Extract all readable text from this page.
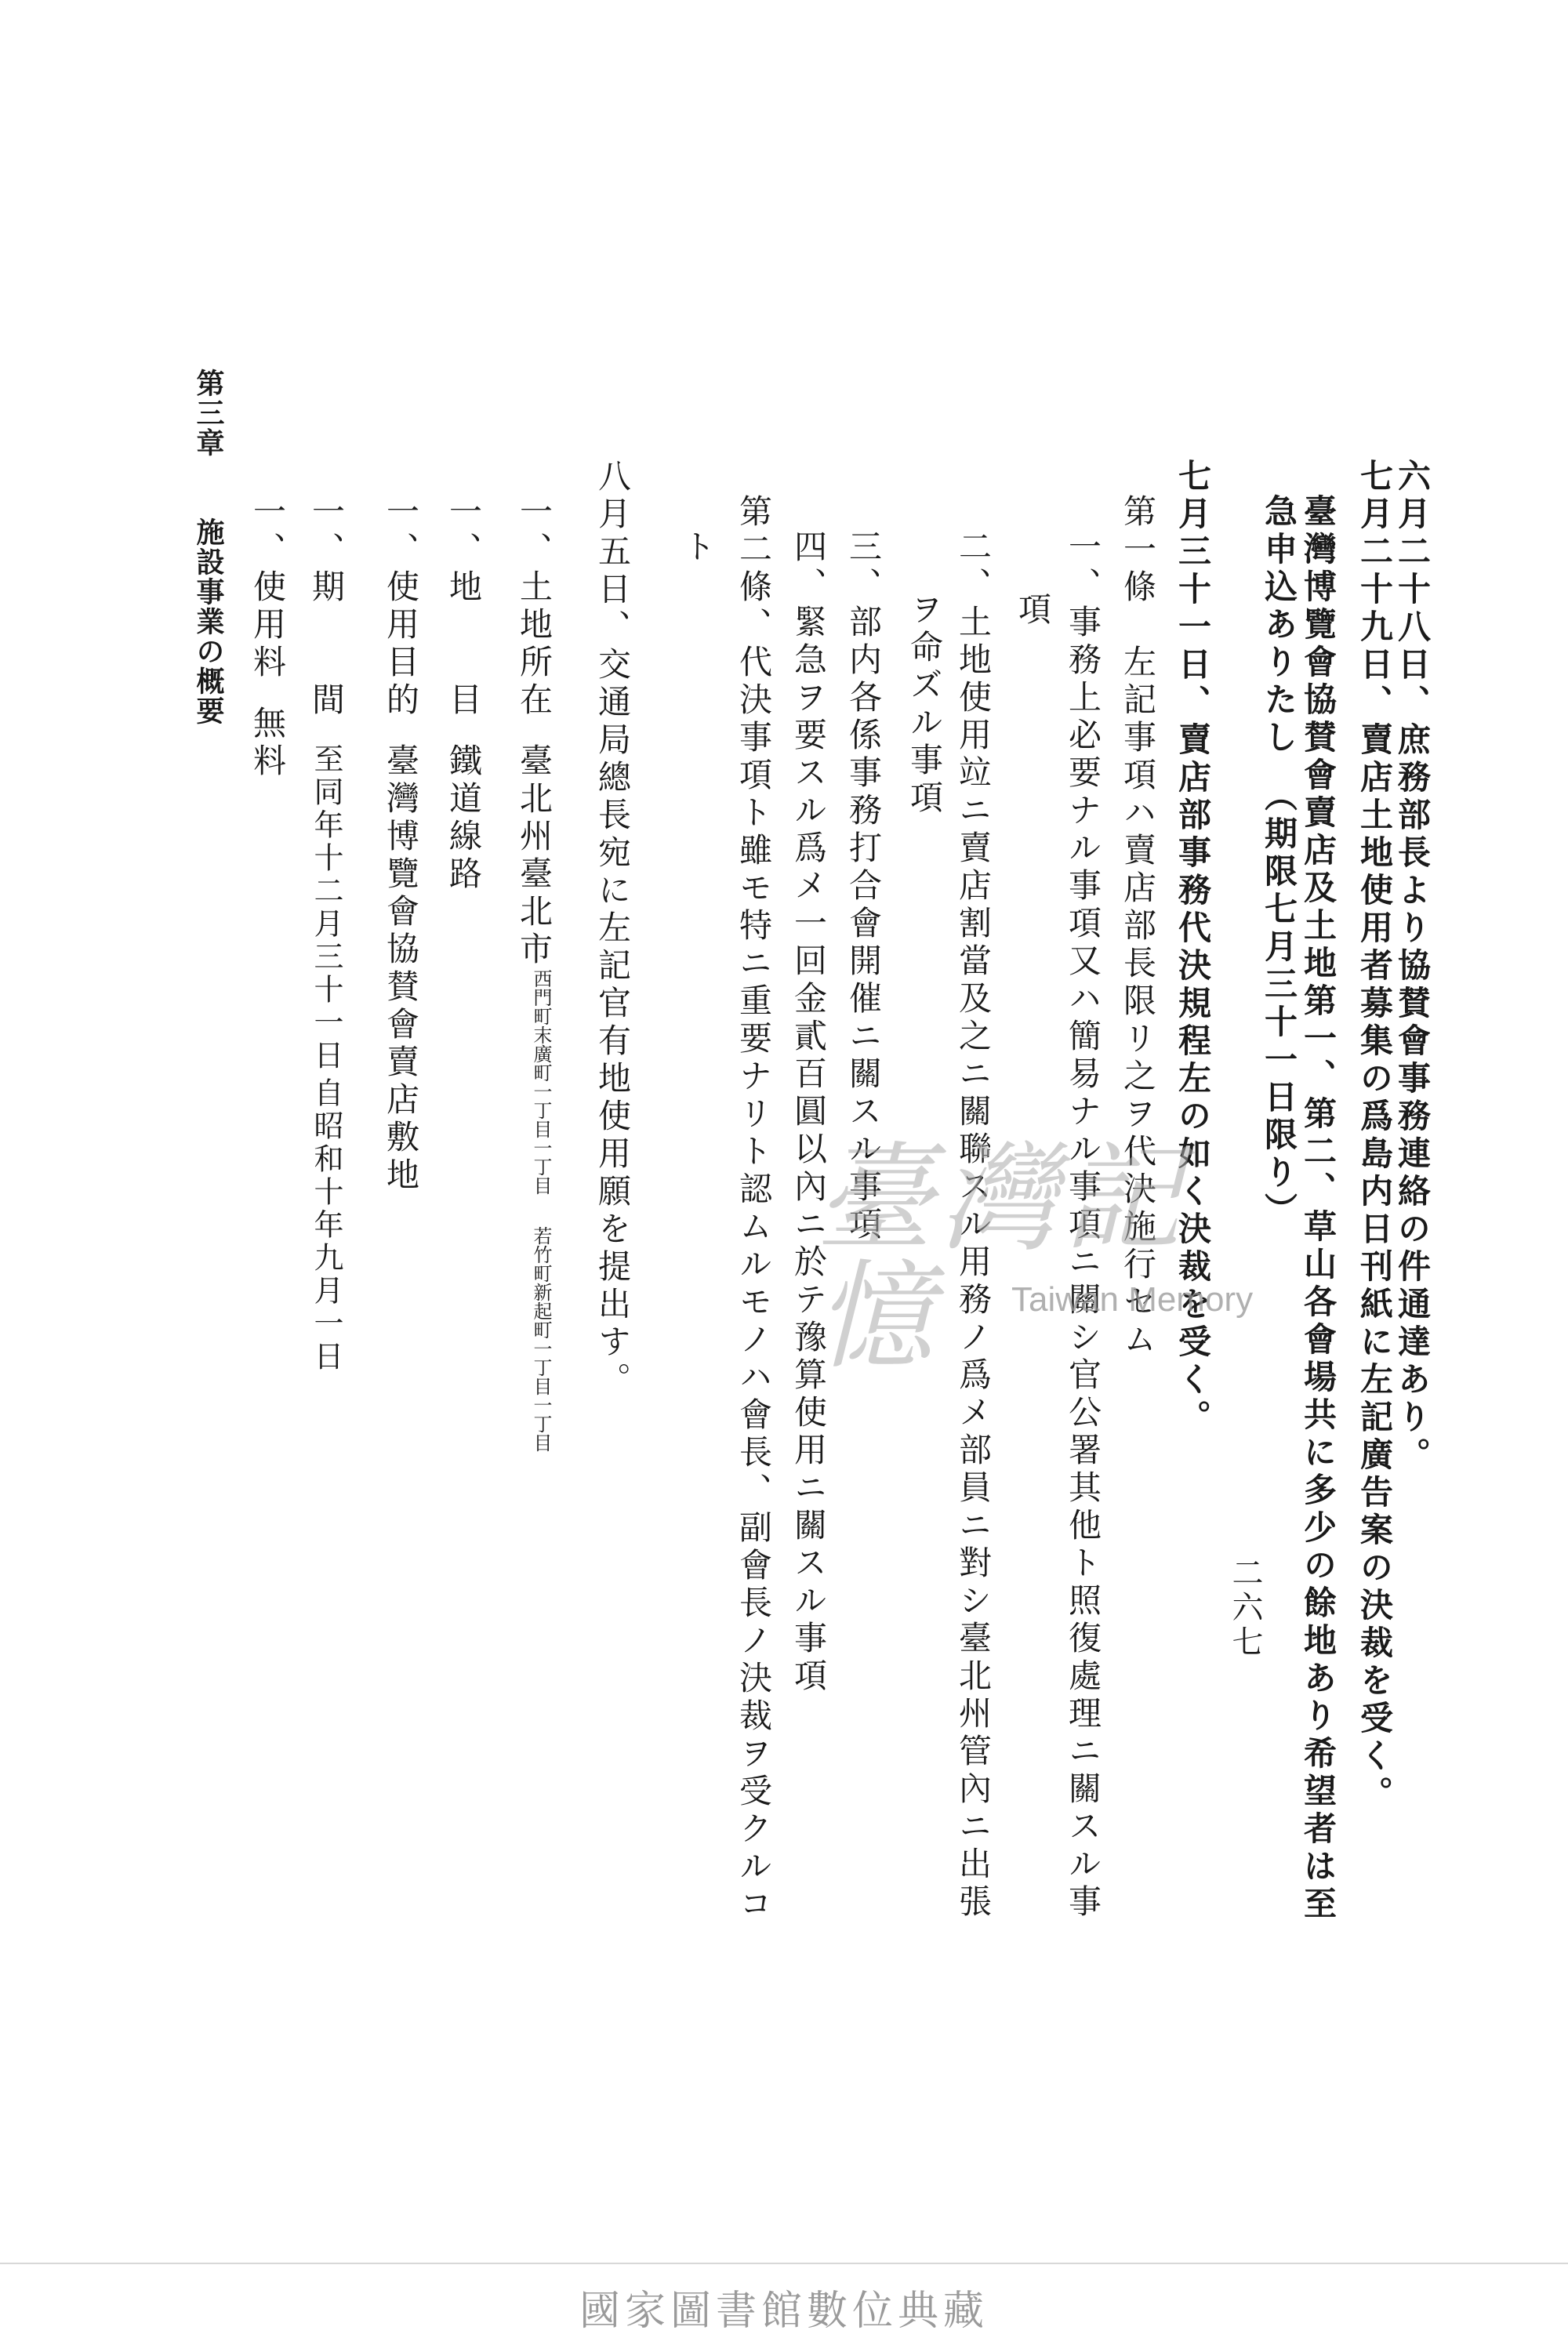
二六七
六月二十八日、庶務部長より協賛會事務連絡の件通達あり。
七月二十九日、賣店土地使用者募集の爲島内日刊紙に左記廣告案の決裁を受く。
臺灣博覽會協賛會賣店及土地第一、第二、草山各會場共に多少の餘地あり希望者は至
急申込ありたし　（期限七月三十一日限り）
七月三十一日、賣店部事務代決規程左の如く決裁を受く。
第一條　左記事項ハ賣店部長限リ之ヲ代決施行セム
一、事務上必要ナル事項又ハ簡易ナル事項ニ關シ官公署其他ト照復處理ニ關スル事
項
二、土地使用竝ニ賣店割當及之ニ關聯スル用務ノ爲メ部員ニ對シ臺北州管內ニ出張
ヲ命ズル事項
三、部内各係事務打合會開催ニ關スル事項
四、緊急ヲ要スル爲メ一回金貳百圓以內ニ於テ豫算使用ニ關スル事項
第二條、代決事項ト雖モ特ニ重要ナリト認ムルモノハ會長、副會長ノ決裁ヲ受クルコ
ト
八月五日、交通局總長宛に左記官有地使用願を提出す。
一、土地所在臺北州臺北市
末廣町
西門町
一丁目
一丁目
新起町
若竹町
一丁目
一丁目
一、地　　目鐵道線路
一、使用目的臺灣博覽會協賛會賣店敷地
一、期　　間
自昭和十年九月一日
至同年十二月三十一日
一、使用料無料
第三章
施設事業の概要
臺灣記憶	Taiwan Memory
國家圖書館數位典藏
